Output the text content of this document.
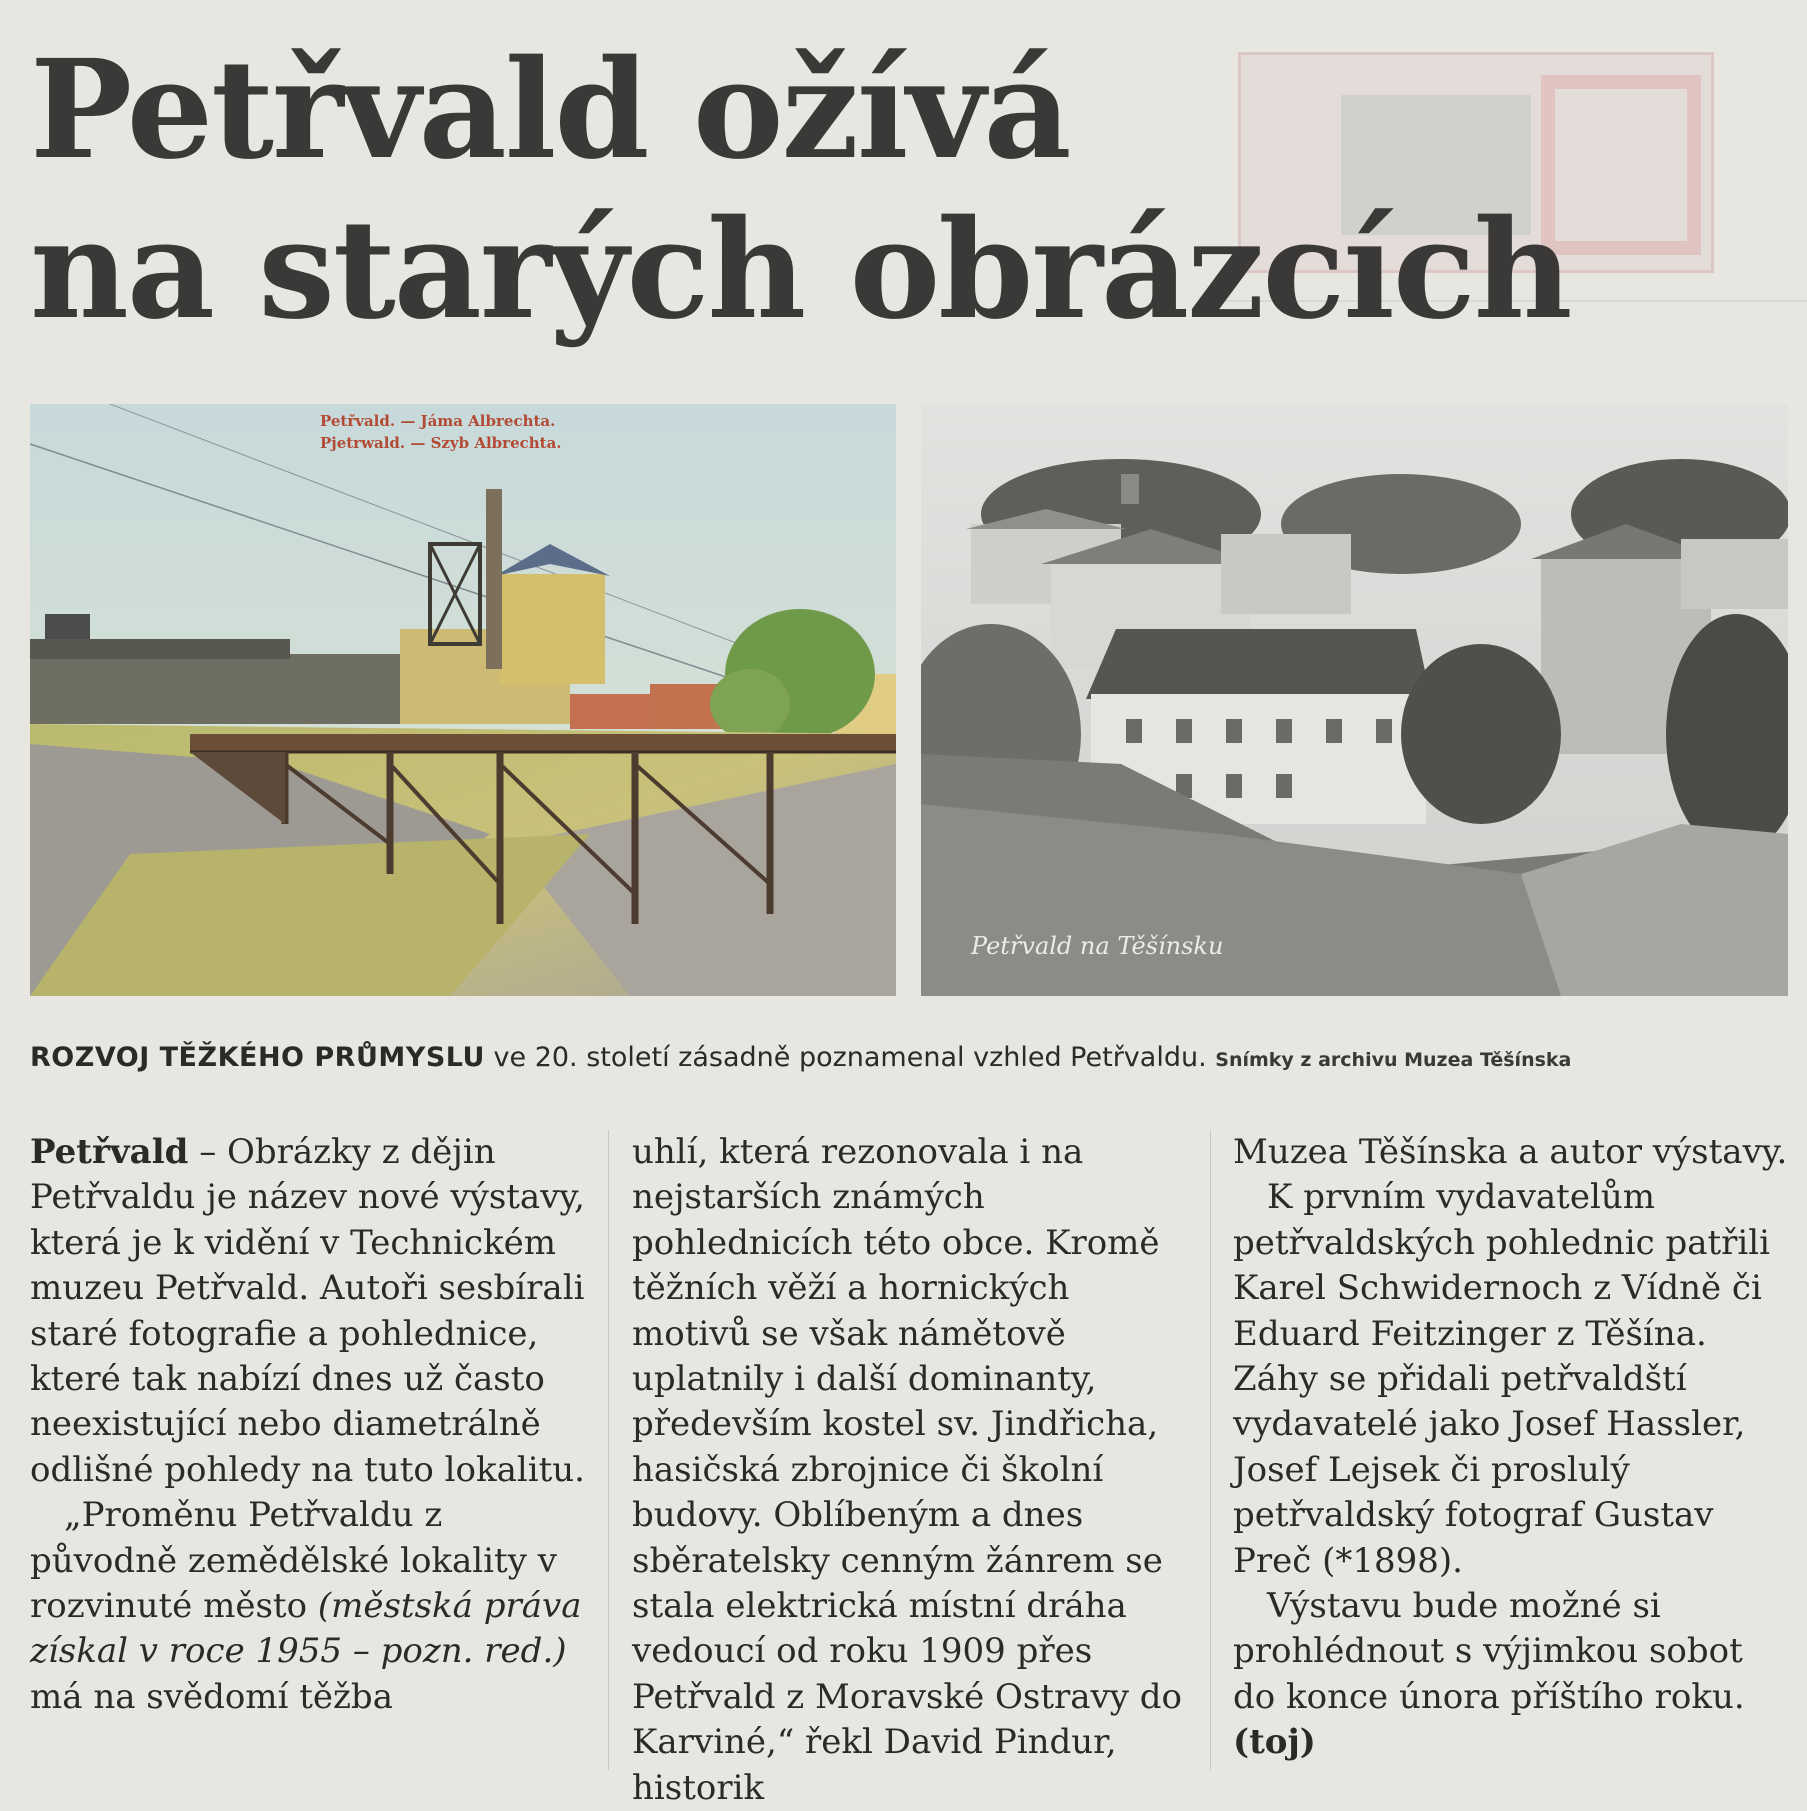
Petřvald ožívá
na starých obrázcích
Petřvald. — Jáma Albrechta.
Pjetrwald. — Szyb Albrechta.
Petřvald na Těšínsku
ROZVOJ TĚŽKÉHO PRŮMYSLU ve 20. století zásadně poznamenal vzhled Petřvaldu. Snímky z archivu Muzea Těšínska

Petřvald – Obrázky z dějin Petřvaldu je název nové výstavy, která je k vidění v Technickém muzeu Petřvald. Autoři sesbírali staré fotografie a pohlednice, které tak nabízí dnes už často neexistující nebo diametrálně odlišné pohledy na tuto lokalitu.

„Proměnu Petřvaldu z původně zemědělské lokality v rozvinuté město (městská práva získal v roce 1955 – pozn. red.) má na svědomí těžba

uhlí, která rezonovala i na nejstarších známých pohlednicích této obce. Kromě těžních věží a hornických motivů se však námětově uplatnily i další dominanty, především kostel sv. Jindřicha, hasičská zbrojnice či školní budovy. Oblíbeným a dnes sběratelsky cenným žánrem se stala elektrická místní dráha vedoucí od roku 1909 přes Petřvald z Moravské Ostravy do Karviné,“ řekl David Pindur, historik

Muzea Těšínska a autor výstavy.

K prvním vydavatelům petřvaldských pohlednic patřili Karel Schwidernoch z Vídně či Eduard Feitzinger z Těšína. Záhy se přidali petřvaldští vydavatelé jako Josef Hassler, Josef Lejsek či proslulý petřvaldský fotograf Gustav Preč (*1898).

Výstavu bude možné si prohlédnout s výjimkou sobot do konce února příštího roku. (toj)
